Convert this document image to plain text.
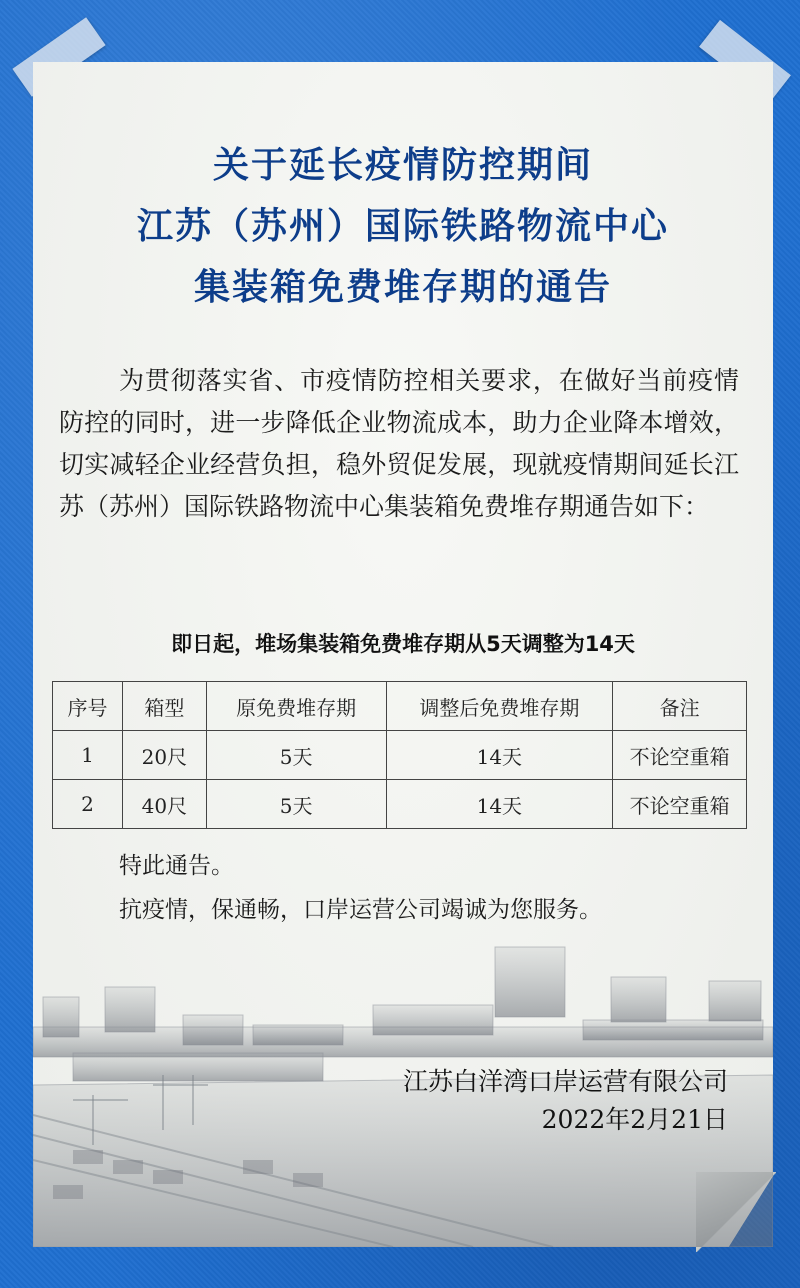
关于延长疫情防控期间
江苏（苏州）国际铁路物流中心
集装箱免费堆存期的通告
为贯彻落实省、市疫情防控相关要求，在做好当前疫情防控的同时，进一步降低企业物流成本，助力企业降本增效，切实减轻企业经营负担，稳外贸促发展，现就疫情期间延长江苏（苏州）国际铁路物流中心集装箱免费堆存期通告如下：
即日起，堆场集装箱免费堆存期从5天调整为14天
序号	箱型	原免费堆存期	调整后免费堆存期	备注
1	20尺	5天	14天	不论空重箱
2	40尺	5天	14天	不论空重箱
特此通告。
抗疫情，保通畅，口岸运营公司竭诚为您服务。
江苏白洋湾口岸运营有限公司
2022年2月21日
